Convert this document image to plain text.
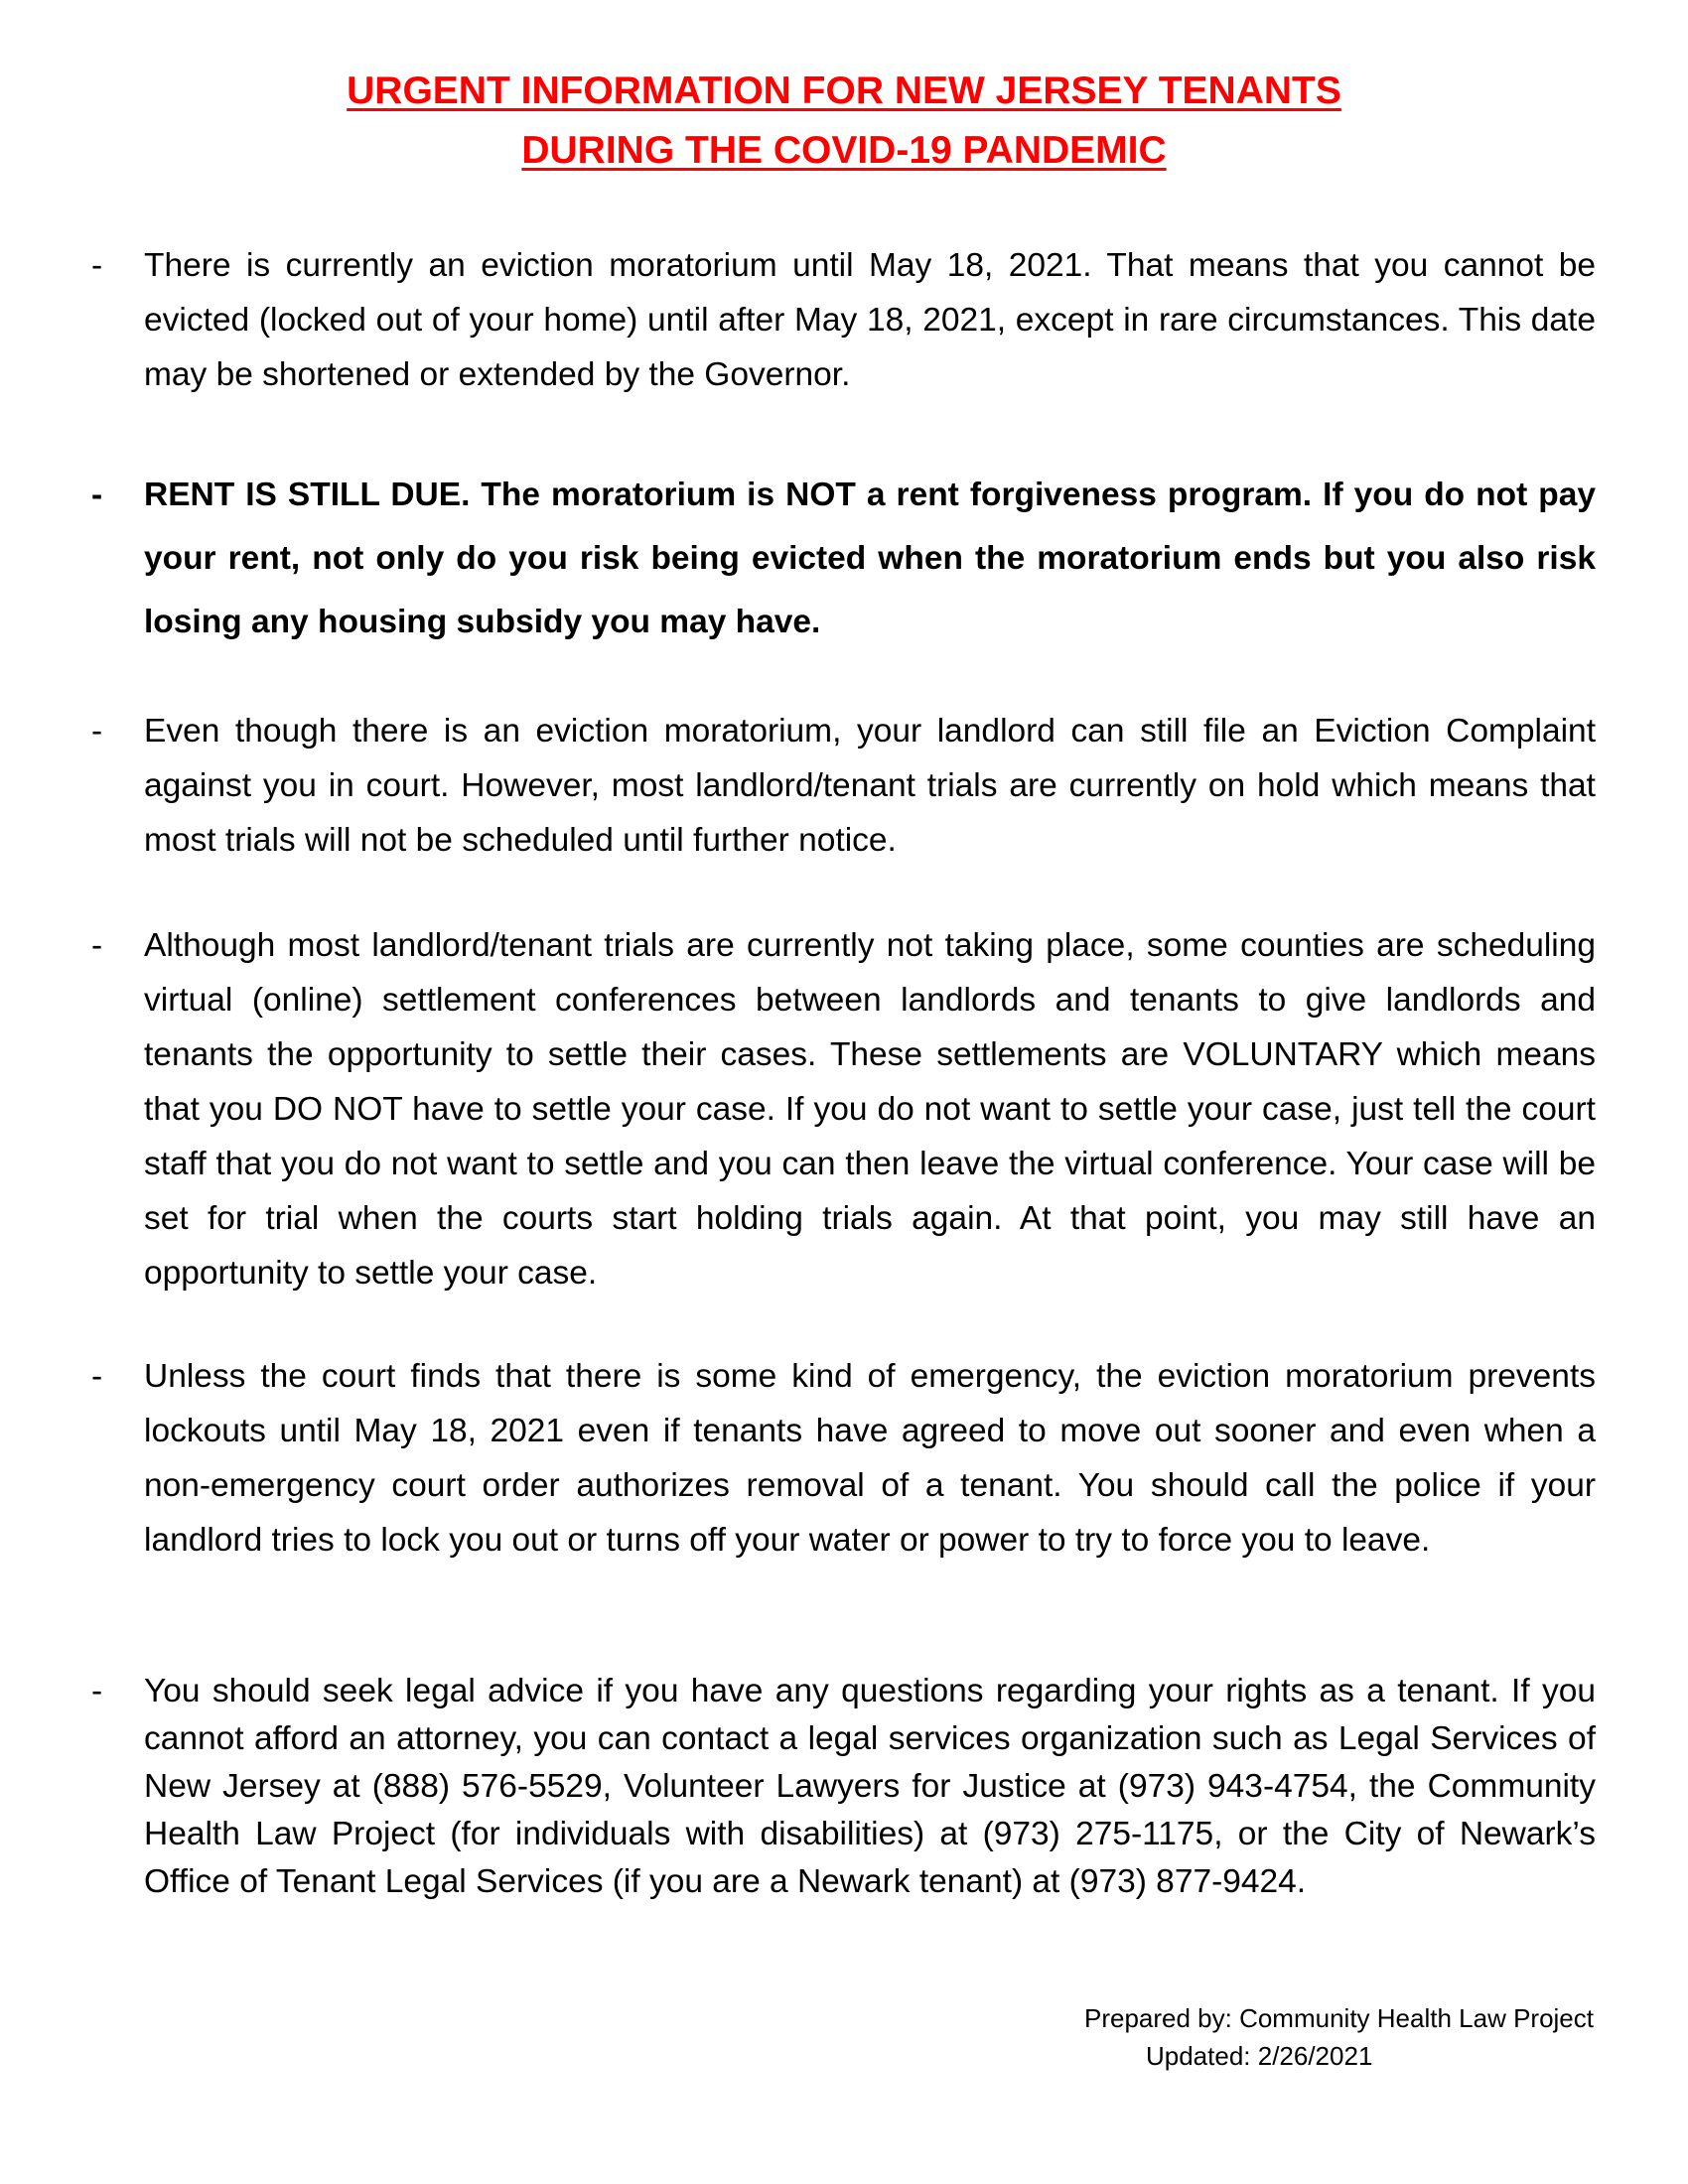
URGENT INFORMATION FOR NEW JERSEY TENANTS
DURING THE COVID-19 PANDEMIC
-	There is currently an eviction moratorium until May 18, 2021. That means that you cannot be evicted (locked out of your home) until after May 18, 2021, except in rare circumstances. This date may be shortened or extended by the Governor.
-	RENT IS STILL DUE. The moratorium is NOT a rent forgiveness program. If you do not pay your rent, not only do you risk being evicted when the moratorium ends but you also risk losing any housing subsidy you may have.
-	Even though there is an eviction moratorium, your landlord can still file an Eviction Complaint against you in court. However, most landlord/tenant trials are currently on hold which means that most trials will not be scheduled until further notice.
-	Although most landlord/tenant trials are currently not taking place, some counties are scheduling virtual (online) settlement conferences between landlords and tenants to give landlords and tenants the opportunity to settle their cases. These settlements are VOLUNTARY which means that you DO NOT have to settle your case. If you do not want to settle your case, just tell the court staff that you do not want to settle and you can then leave the virtual conference. Your case will be set for trial when the courts start holding trials again. At that point, you may still have an opportunity to settle your case.
-	Unless the court finds that there is some kind of emergency, the eviction moratorium prevents lockouts until May 18, 2021 even if tenants have agreed to move out sooner and even when a non-emergency court order authorizes removal of a tenant. You should call the police if your landlord tries to lock you out or turns off your water or power to try to force you to leave.
-	You should seek legal advice if you have any questions regarding your rights as a tenant. If you cannot afford an attorney, you can contact a legal services organization such as Legal Services of New Jersey at (888) 576-5529, Volunteer Lawyers for Justice at (973) 943-4754, the Community Health Law Project (for individuals with disabilities) at (973) 275-1175, or the City of Newark’s Office of Tenant Legal Services (if you are a Newark tenant) at (973) 877-9424.
Prepared by: Community Health Law Project
Updated: 2/26/2021
